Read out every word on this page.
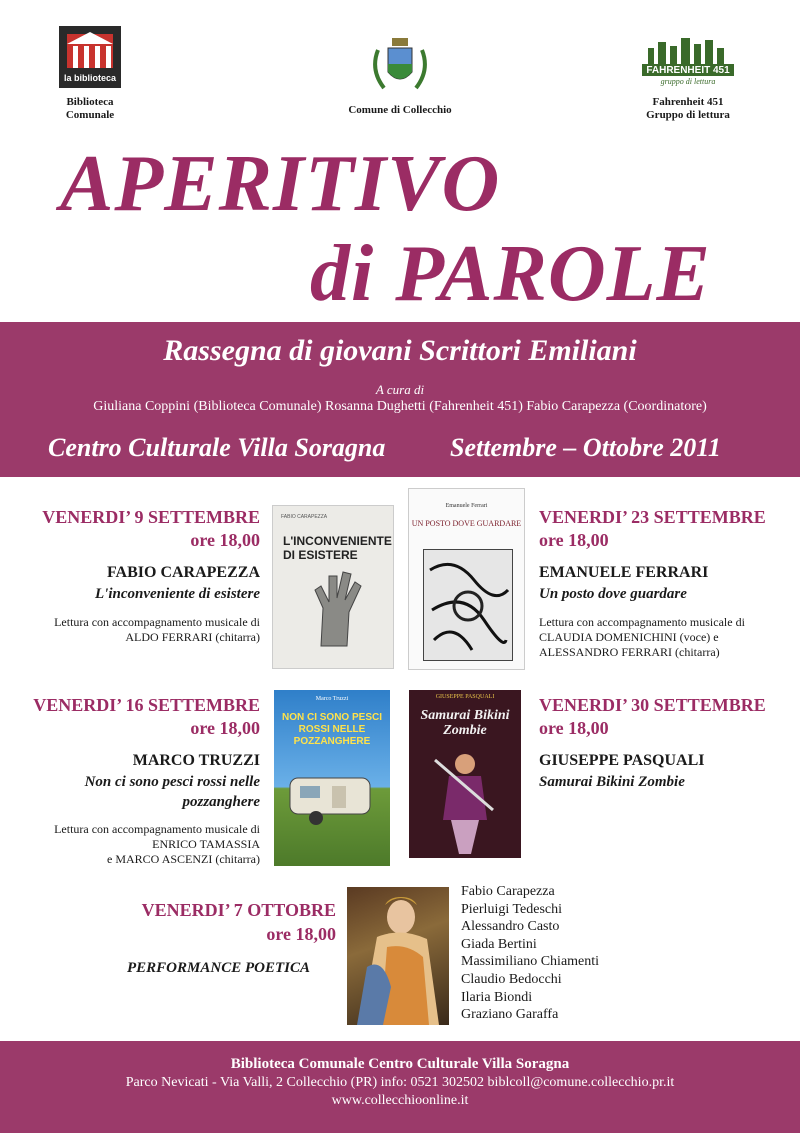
la biblioteca
Biblioteca
Comunale	Comune di Collecchio
FAHRENHEIT 451
gruppo di lettura
Fahrenheit 451
Gruppo di lettura
APERITIVO
di PAROLE
Rassegna di giovani Scrittori Emiliani
A cura di
Giuliana Coppini (Biblioteca Comunale) Rosanna Dughetti (Fahrenheit 451) Fabio Carapezza (Coordinatore)
Centro Culturale Villa Soragna Settembre – Ottobre 2011
VENERDI’ 9 SETTEMBRE
ore 18,00
FABIO CARAPEZZA
L'inconveniente di esistere
Lettura con accompagnamento musicale di
ALDO FERRARI (chitarra)
FABIO CARAPEZZA
L'INCONVENIENTE DI ESISTERE
Emanuele Ferrari
UN POSTO DOVE GUARDARE VENERDI’ 23 SETTEMBRE
ore 18,00
EMANUELE FERRARI
Un posto dove guardare
Lettura con accompagnamento musicale di
CLAUDIA DOMENICHINI (voce) e
ALESSANDRO FERRARI (chitarra)
VENERDI’ 16 SETTEMBRE
ore 18,00
MARCO TRUZZI
Non ci sono pesci rossi nelle
pozzanghere
Lettura con accompagnamento musicale di
ENRICO TAMASSIA
e MARCO ASCENZI (chitarra)
Marco Truzzi
NON CI SONO PESCI ROSSI NELLE POZZANGHERE
GIUSEPPE PASQUALI
Samurai Bikini Zombie
VENERDI’ 30 SETTEMBRE
ore 18,00
GIUSEPPE PASQUALI
Samurai Bikini Zombie
VENERDI’ 7 OTTOBRE
ore 18,00
PERFORMANCE POETICA
Fabio Carapezza
Pierluigi Tedeschi
Alessandro Casto
Giada Bertini
Massimiliano Chiamenti
Claudio Bedocchi
Ilaria Biondi
Graziano Garaffa
Biblioteca Comunale Centro Culturale Villa Soragna
Parco Nevicati - Via Valli, 2 Collecchio (PR) info: 0521 302502 biblcoll@comune.collecchio.pr.it
www.collecchioonline.it
